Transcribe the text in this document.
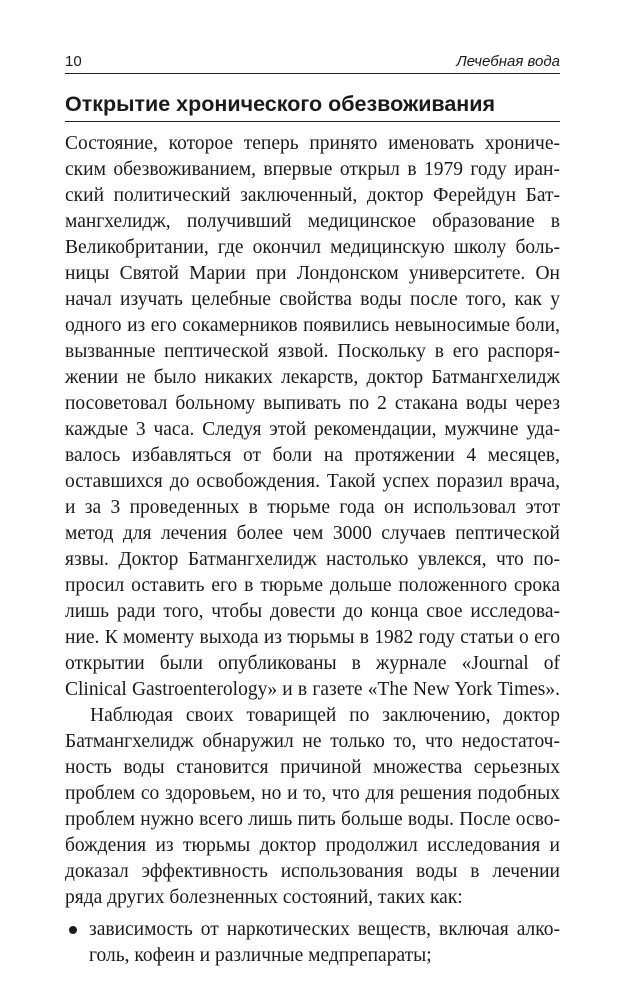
10	Лечебная вода
Открытие хронического обезвоживания

Состояние, которое теперь принято именовать хрониче-
ским обезвоживанием, впервые открыл в 1979 году иран-
ский политический заключенный, доктор Ферейдун Бат-
мангхелидж, получивший медицинское образование в
Великобритании, где окончил медицинскую школу боль-
ницы Святой Марии при Лондонском университете. Он
начал изучать целебные свойства воды после того, как у
одного из его сокамерников появились невыносимые боли,
вызванные пептической язвой. Поскольку в его распоря-
жении не было никаких лекарств, доктор Батмангхелидж
посоветовал больному выпивать по 2 стакана воды через
каждые 3 часа. Следуя этой рекомендации, мужчине уда-
валось избавляться от боли на протяжении 4 месяцев,
оставшихся до освобождения. Такой успех поразил врача,
и за 3 проведенных в тюрьме года он использовал этот
метод для лечения более чем 3000 случаев пептической
язвы. Доктор Батмангхелидж настолько увлекся, что по-
просил оставить его в тюрьме дольше положенного срока
лишь ради того, чтобы довести до конца свое исследова-
ние. К моменту выхода из тюрьмы в 1982 году статьи о его
открытии были опубликованы в журнале «Journal of
Clinical Gastroenterology» и в газете «The New York Times».

Наблюдая своих товарищей по заключению, доктор
Батмангхелидж обнаружил не только то, что недостаточ-
ность воды становится причиной множества серьезных
проблем со здоровьем, но и то, что для решения подобных
проблем нужно всего лишь пить больше воды. После осво-
бождения из тюрьмы доктор продолжил исследования и
доказал эффективность использования воды в лечении
ряда других болезненных состояний, таких как:

зависимость от наркотических веществ, включая алко-
голь, кофеин и различные медпрепараты;
